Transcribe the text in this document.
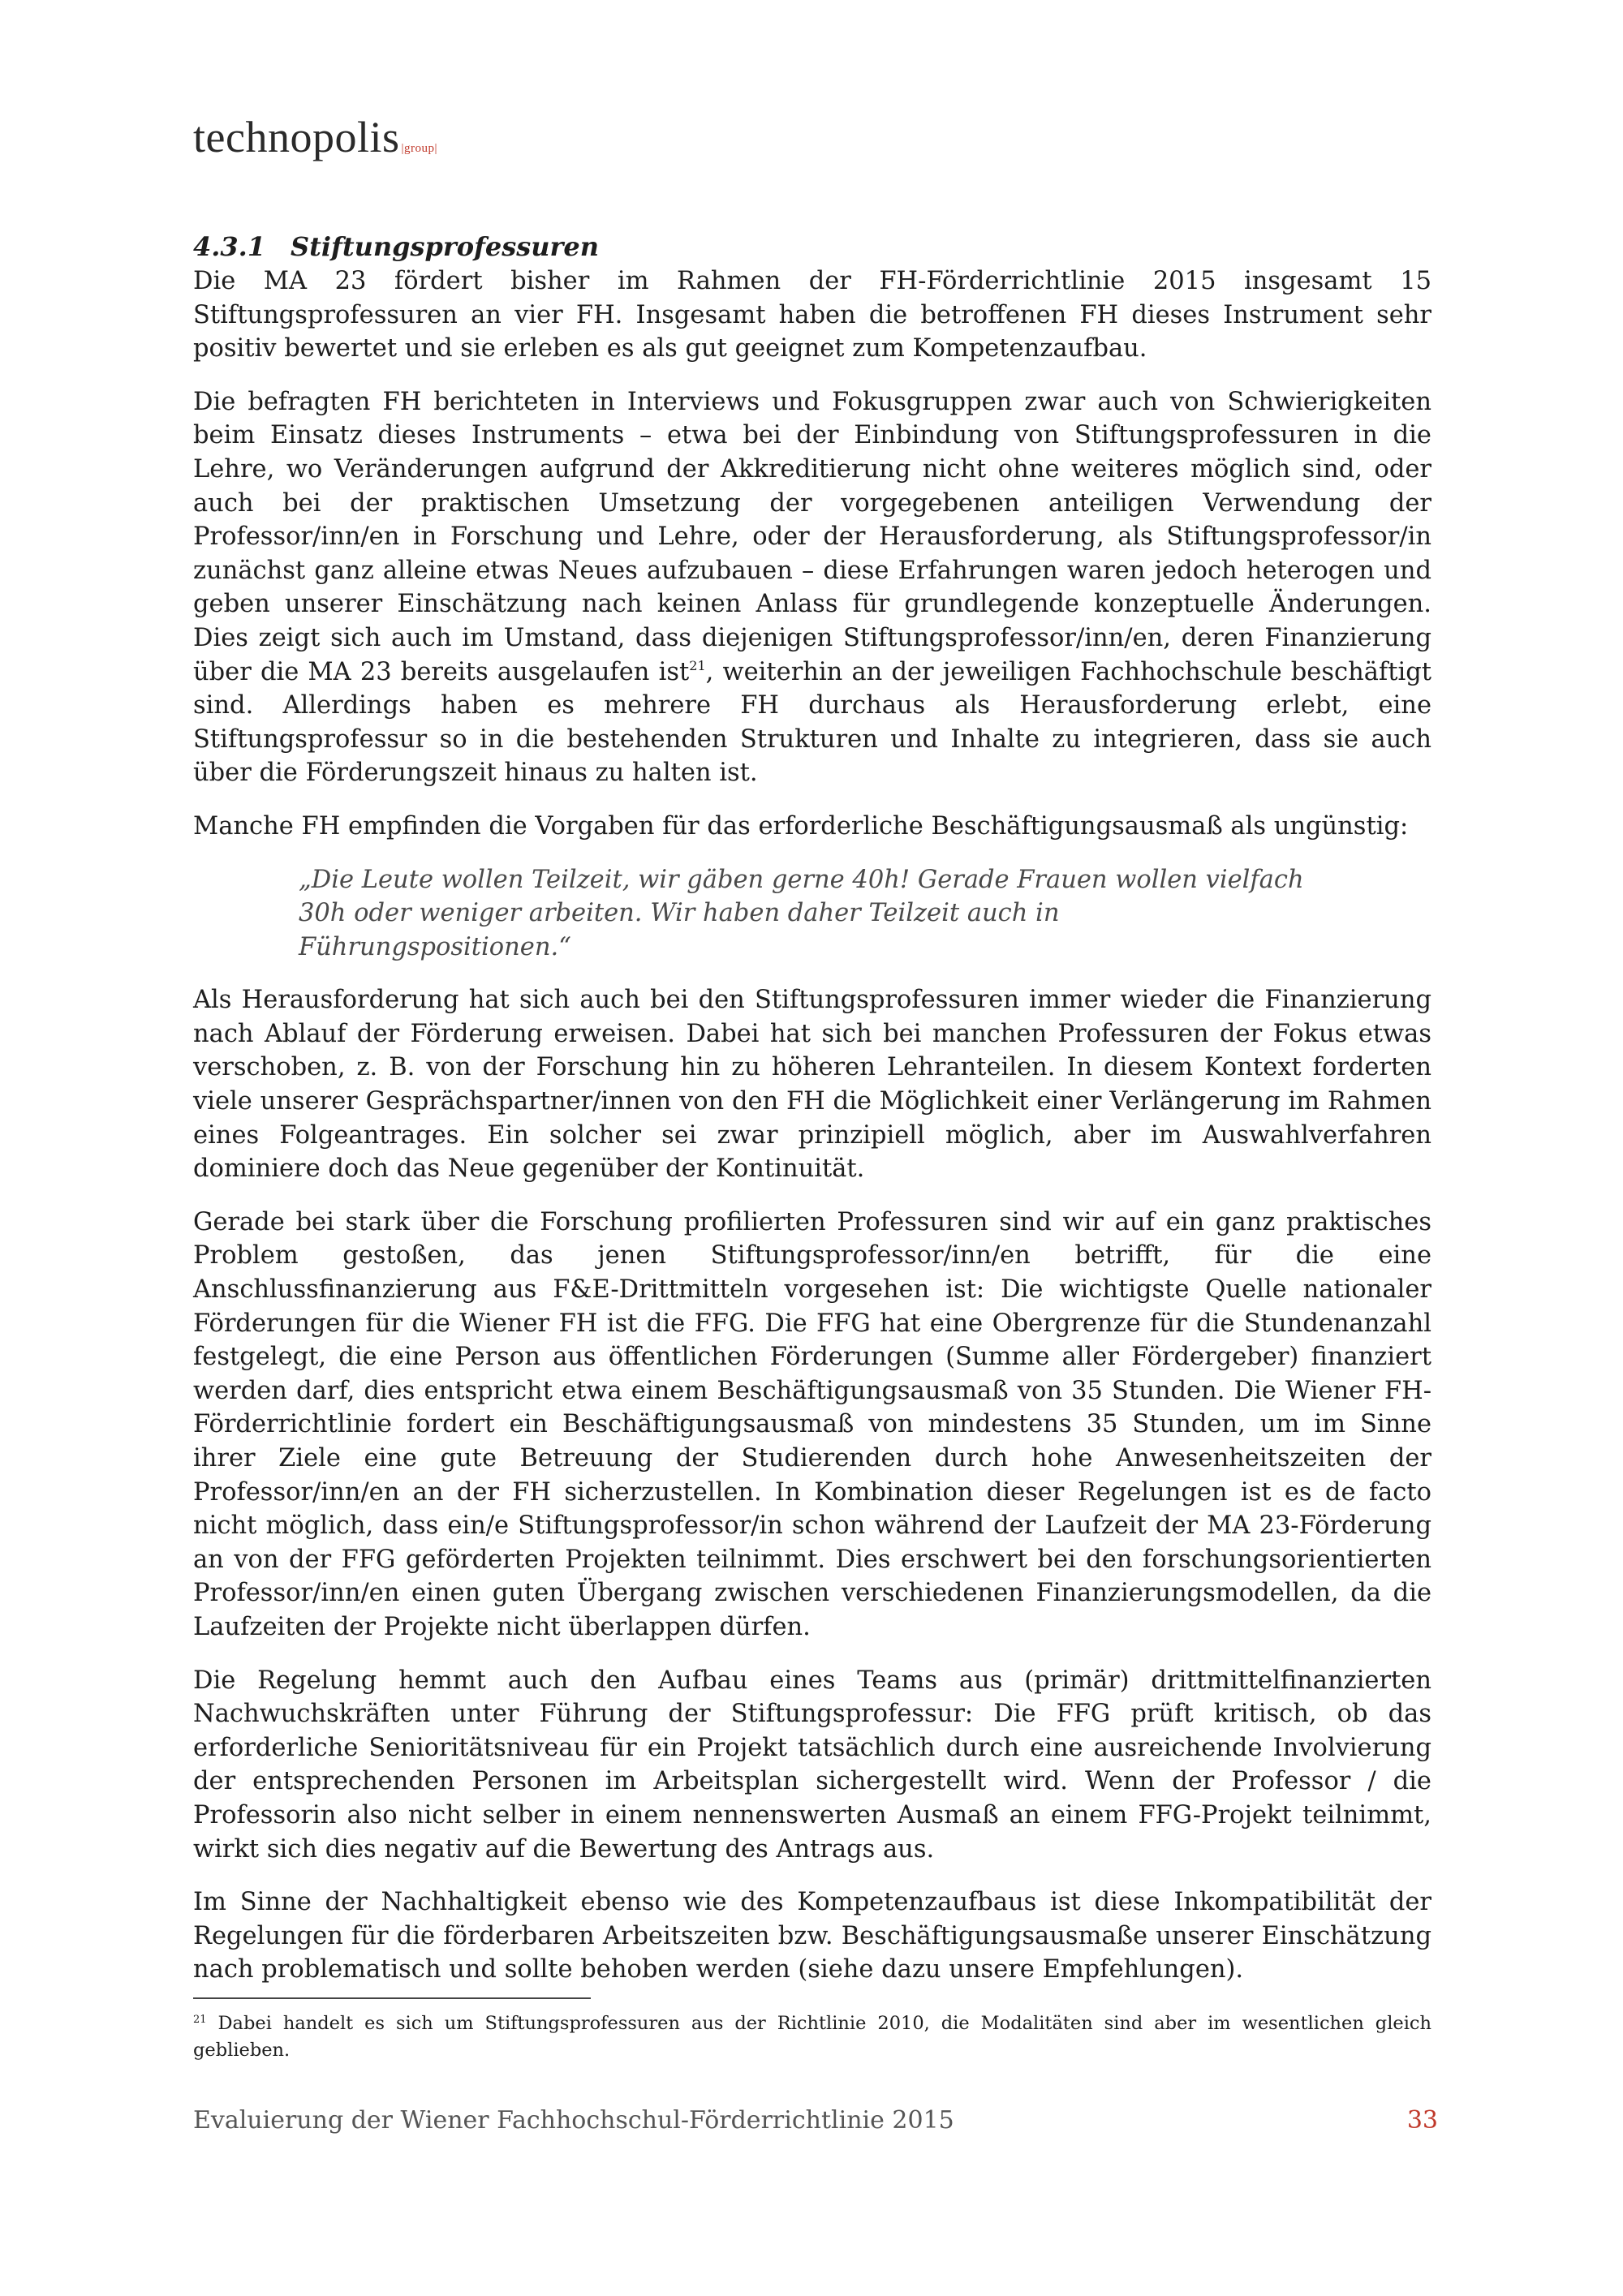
technopolis |group|
4.3.1 Stiftungsprofessuren

Die MA 23 fördert bisher im Rahmen der FH-Förderrichtlinie 2015 insgesamt 15 Stiftungsprofessuren an vier FH. Insgesamt haben die betroffenen FH dieses Instrument sehr positiv bewertet und sie erleben es als gut geeignet zum Kompetenzaufbau.

Die befragten FH berichteten in Interviews und Fokusgruppen zwar auch von Schwierigkeiten beim Einsatz dieses Instruments – etwa bei der Einbindung von Stiftungsprofessuren in die Lehre, wo Veränderungen aufgrund der Akkreditierung nicht ohne weiteres möglich sind, oder auch bei der praktischen Umsetzung der vorgegebenen anteiligen Verwendung der Professor/inn/en in Forschung und Lehre, oder der Herausforderung, als Stiftungsprofessor/in zunächst ganz alleine etwas Neues aufzubauen – diese Erfahrungen waren jedoch heterogen und geben unserer Einschätzung nach keinen Anlass für grundlegende konzeptuelle Änderungen. Dies zeigt sich auch im Umstand, dass diejenigen Stiftungsprofessor/inn/en, deren Finanzierung über die MA 23 bereits ausgelaufen ist$^{21}$, weiterhin an der jeweiligen Fachhochschule beschäftigt sind. Allerdings haben es mehrere FH durchaus als Herausforderung erlebt, eine Stiftungsprofessur so in die bestehenden Strukturen und Inhalte zu integrieren, dass sie auch über die Förderungszeit hinaus zu halten ist.

Manche FH empfinden die Vorgaben für das erforderliche Beschäftigungsausmaß als ungünstig:

„Die Leute wollen Teilzeit, wir gäben gerne 40h! Gerade Frauen wollen vielfach 30h oder weniger arbeiten. Wir haben daher Teilzeit auch in Führungspositionen.“

Als Herausforderung hat sich auch bei den Stiftungsprofessuren immer wieder die Finanzierung nach Ablauf der Förderung erweisen. Dabei hat sich bei manchen Professuren der Fokus etwas verschoben, z. B. von der Forschung hin zu höheren Lehranteilen. In diesem Kontext forderten viele unserer Gesprächspartner/innen von den FH die Möglichkeit einer Verlängerung im Rahmen eines Folgeantrages. Ein solcher sei zwar prinzipiell möglich, aber im Auswahlverfahren dominiere doch das Neue gegenüber der Kontinuität.

Gerade bei stark über die Forschung profilierten Professuren sind wir auf ein ganz praktisches Problem gestoßen, das jenen Stiftungsprofessor/inn/en betrifft, für die eine Anschlussfinanzierung aus F&E-Drittmitteln vorgesehen ist: Die wichtigste Quelle nationaler Förderungen für die Wiener FH ist die FFG. Die FFG hat eine Obergrenze für die Stundenanzahl festgelegt, die eine Person aus öffentlichen Förderungen (Summe aller Fördergeber) finanziert werden darf, dies entspricht etwa einem Beschäftigungsausmaß von 35 Stunden. Die Wiener FH-Förderrichtlinie fordert ein Beschäftigungsausmaß von mindestens 35 Stunden, um im Sinne ihrer Ziele eine gute Betreuung der Studierenden durch hohe Anwesenheitszeiten der Professor/inn/en an der FH sicherzustellen. In Kombination dieser Regelungen ist es de facto nicht möglich, dass ein/e Stiftungsprofessor/in schon während der Laufzeit der MA 23-Förderung an von der FFG geförderten Projekten teilnimmt. Dies erschwert bei den forschungsorientierten Professor/inn/en einen guten Übergang zwischen verschiedenen Finanzierungsmodellen, da die Laufzeiten der Projekte nicht überlappen dürfen.

Die Regelung hemmt auch den Aufbau eines Teams aus (primär) drittmittelfinanzierten Nachwuchskräften unter Führung der Stiftungsprofessur: Die FFG prüft kritisch, ob das erforderliche Senioritätsniveau für ein Projekt tatsächlich durch eine ausreichende Involvierung der entsprechenden Personen im Arbeitsplan sichergestellt wird. Wenn der Professor / die Professorin also nicht selber in einem nennenswerten Ausmaß an einem FFG-Projekt teilnimmt, wirkt sich dies negativ auf die Bewertung des Antrags aus.

Im Sinne der Nachhaltigkeit ebenso wie des Kompetenzaufbaus ist diese Inkompatibilität der Regelungen für die förderbaren Arbeitszeiten bzw. Beschäftigungsausmaße unserer Einschätzung nach problematisch und sollte behoben werden (siehe dazu unsere Empfehlungen).

$^{21}$ Dabei handelt es sich um Stiftungsprofessuren aus der Richtlinie 2010, die Modalitäten sind aber im wesentlichen gleich geblieben.
Evaluierung der Wiener Fachhochschul-Förderrichtlinie 2015	33
